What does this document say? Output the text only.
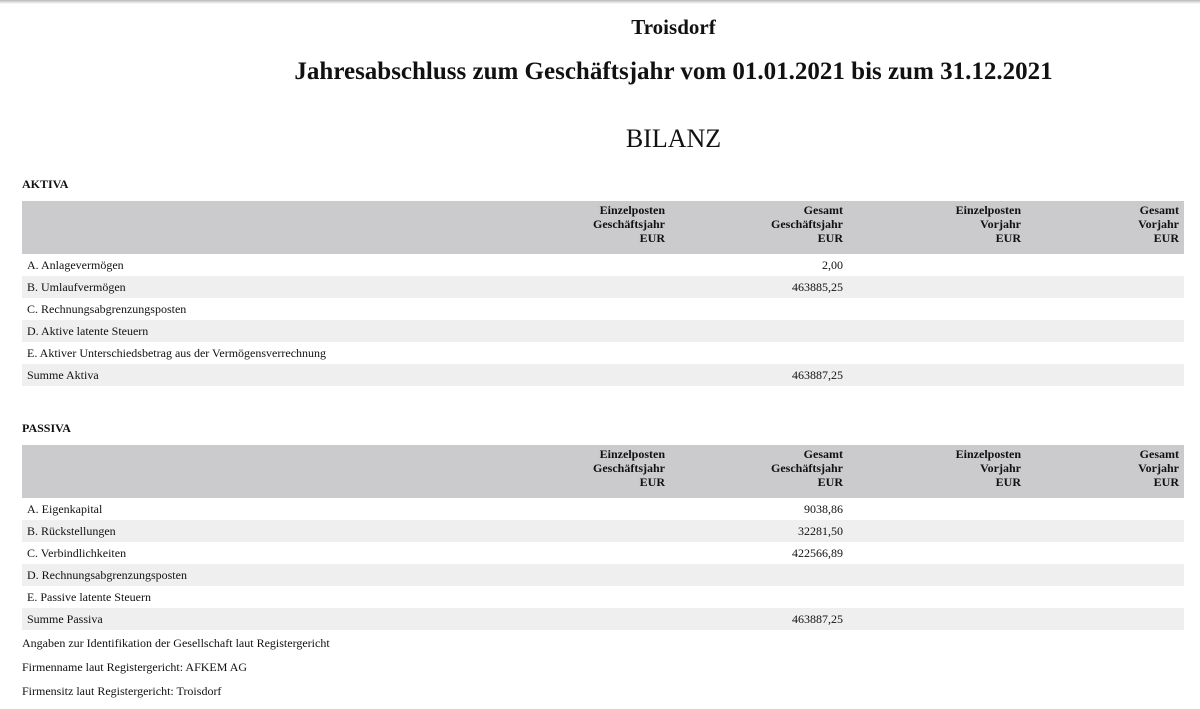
Troisdorf
Jahresabschluss zum Geschäftsjahr vom 01.01.2021 bis zum 31.12.2021
BILANZ
AKTIVA

	Einzelposten
Geschäftsjahr
EUR	Gesamt
Geschäftsjahr
EUR	Einzelposten
Vorjahr
EUR	Gesamt
Vorjahr
EUR

A. Anlagevermögen		2,00		
B. Umlaufvermögen		463885,25		
C. Rechnungsabgrenzungsposten				
D. Aktive latente Steuern				
E. Aktiver Unterschiedsbetrag aus der Vermögensverrechnung				
Summe Aktiva		463887,25		
PASSIVA

	Einzelposten
Geschäftsjahr
EUR	Gesamt
Geschäftsjahr
EUR	Einzelposten
Vorjahr
EUR	Gesamt
Vorjahr
EUR

A. Eigenkapital		9038,86		
B. Rückstellungen		32281,50		
C. Verbindlichkeiten		422566,89		
D. Rechnungsabgrenzungsposten				
E. Passive latente Steuern				
Summe Passiva		463887,25		
Angaben zur Identifikation der Gesellschaft laut Registergericht
Firmenname laut Registergericht: AFKEM AG
Firmensitz laut Registergericht: Troisdorf
